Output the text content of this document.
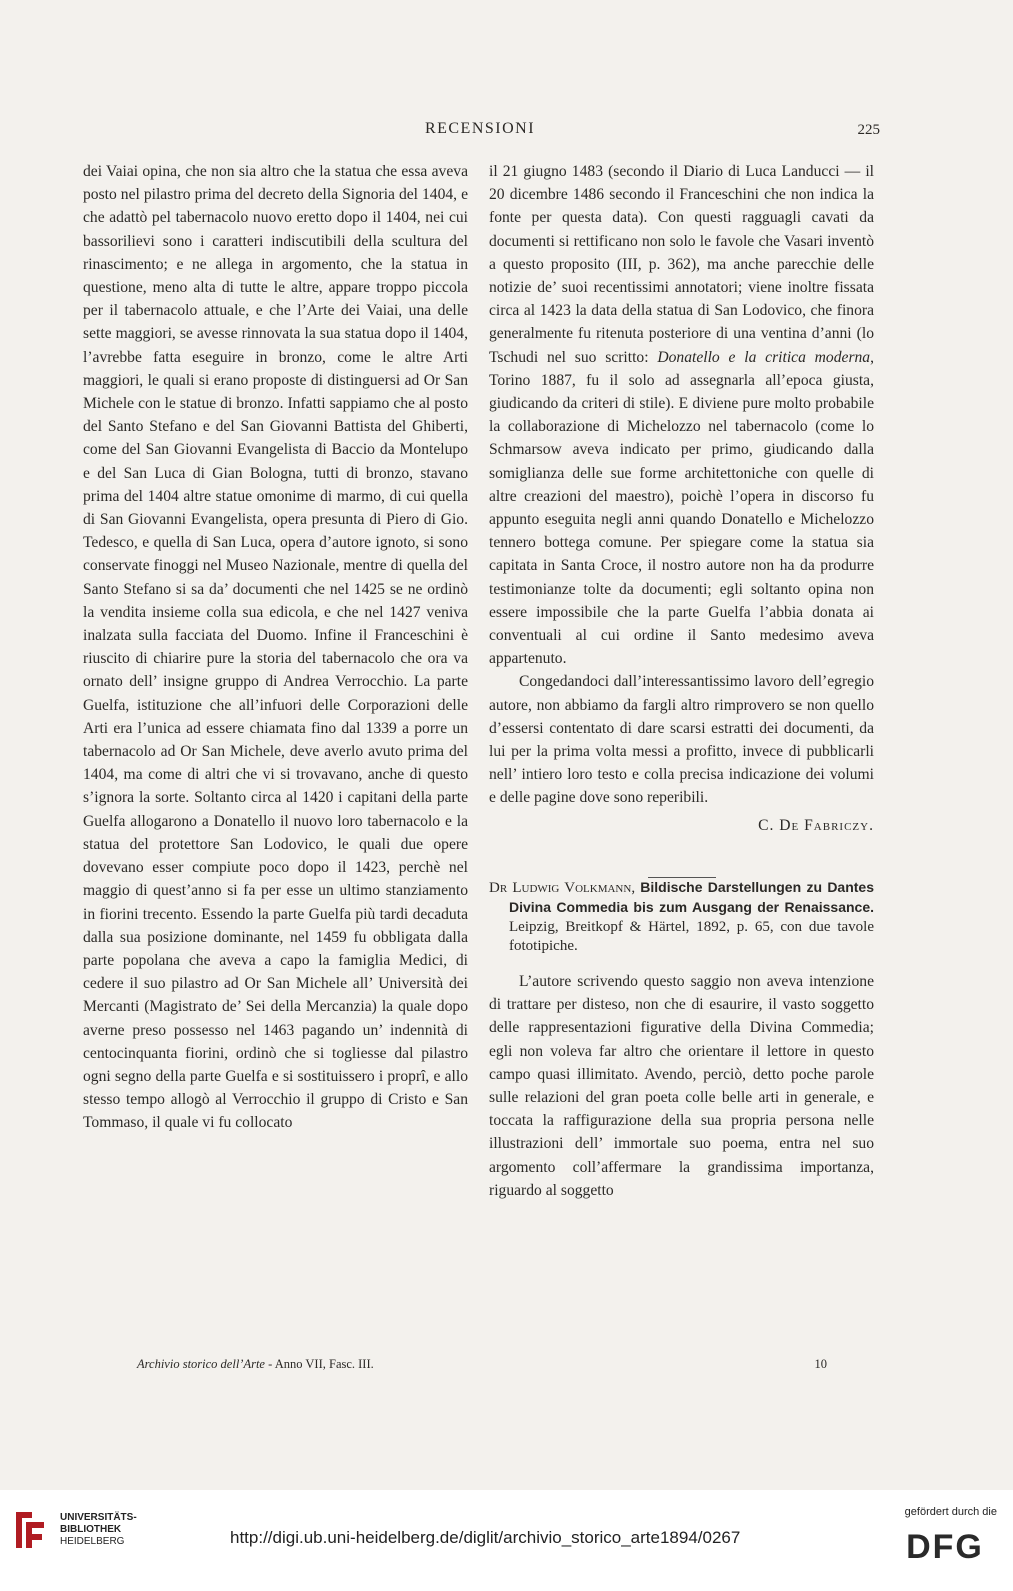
RECENSIONI	225

dei Vaiai opina, che non sia altro che la statua che essa aveva posto nel pilastro prima del decreto della Signoria del 1404, e che adattò pel tabernacolo nuovo eretto dopo il 1404, nei cui bassorilievi sono i caratteri indiscutibili della scultura del rinascimento; e ne allega in argomento, che la statua in questione, meno alta di tutte le altre, appare troppo piccola per il tabernacolo attuale, e che l’Arte dei Vaiai, una delle sette maggiori, se avesse rinnovata la sua statua dopo il 1404, l’avrebbe fatta eseguire in bronzo, come le altre Arti maggiori, le quali si erano proposte di distinguersi ad Or San Michele con le statue di bronzo. Infatti sappiamo che al posto del Santo Stefano e del San Giovanni Battista del Ghiberti, come del San Giovanni Evangelista di Baccio da Montelupo e del San Luca di Gian Bologna, tutti di bronzo, stavano prima del 1404 altre statue omonime di marmo, di cui quella di San Giovanni Evangelista, opera presunta di Piero di Gio. Tedesco, e quella di San Luca, opera d’autore ignoto, si sono conservate finoggi nel Museo Nazionale, mentre di quella del Santo Stefano si sa da’ documenti che nel 1425 se ne ordinò la vendita insieme colla sua edicola, e che nel 1427 veniva inalzata sulla facciata del Duomo. Infine il Franceschini è riuscito di chiarire pure la storia del tabernacolo che ora va ornato dell’ insigne gruppo di Andrea Verrocchio. La parte Guelfa, istituzione che all’infuori delle Corporazioni delle Arti era l’unica ad essere chiamata fino dal 1339 a porre un tabernacolo ad Or San Michele, deve averlo avuto prima del 1404, ma come di altri che vi si trovavano, anche di questo s’ignora la sorte. Soltanto circa al 1420 i capitani della parte Guelfa allogarono a Donatello il nuovo loro tabernacolo e la statua del protettore San Lodovico, le quali due opere dovevano esser compiute poco dopo il 1423, perchè nel maggio di quest’anno si fa per esse un ultimo stanziamento in fiorini trecento. Essendo la parte Guelfa più tardi decaduta dalla sua posizione dominante, nel 1459 fu obbligata dalla parte popolana che aveva a capo la famiglia Medici, di cedere il suo pilastro ad Or San Michele all’ Università dei Mercanti (Magistrato de’ Sei della Mercanzia) la quale dopo averne preso possesso nel 1463 pagando un’ indennità di centocinquanta fiorini, ordinò che si togliesse dal pilastro ogni segno della parte Guelfa e si sostituissero i proprî, e allo stesso tempo allogò al Verrocchio il gruppo di Cristo e San Tommaso, il quale vi fu collocato

il 21 giugno 1483 (secondo il Diario di Luca Landucci — il 20 dicembre 1486 secondo il Franceschini che non indica la fonte per questa data). Con questi ragguagli cavati da documenti si rettificano non solo le favole che Vasari inventò a questo proposito (III, p. 362), ma anche parecchie delle notizie de’ suoi recentissimi annotatori; viene inoltre fissata circa al 1423 la data della statua di San Lodovico, che finora generalmente fu ritenuta posteriore di una ventina d’anni (lo Tschudi nel suo scritto: Donatello e la critica moderna, Torino 1887, fu il solo ad assegnarla all’epoca giusta, giudicando da criteri di stile). E diviene pure molto probabile la collaborazione di Michelozzo nel tabernacolo (come lo Schmarsow aveva indicato per primo, giudicando dalla somiglianza delle sue forme architettoniche con quelle di altre creazioni del maestro), poichè l’opera in discorso fu appunto eseguita negli anni quando Donatello e Michelozzo tennero bottega comune. Per spiegare come la statua sia capitata in Santa Croce, il nostro autore non ha da produrre testimonianze tolte da documenti; egli soltanto opina non essere impossibile che la parte Guelfa l’abbia donata ai conventuali al cui ordine il Santo medesimo aveva appartenuto.

Congedandoci dall’interessantissimo lavoro dell’egregio autore, non abbiamo da fargli altro rimprovero se non quello d’essersi contentato di dare scarsi estratti dei documenti, da lui per la prima volta messi a profitto, invece di pubblicarli nell’ intiero loro testo e colla precisa indicazione dei volumi e delle pagine dove sono reperibili.

C. De Fabriczy.

Dr Ludwig Volkmann, Bildische Darstellungen zu Dantes Divina Commedia bis zum Ausgang der Renaissance. Leipzig, Breitkopf & Härtel, 1892, p. 65, con due tavole fototipiche.

L’autore scrivendo questo saggio non aveva intenzione di trattare per disteso, non che di esaurire, il vasto soggetto delle rappresentazioni figurative della Divina Commedia; egli non voleva far altro che orientare il lettore in questo campo quasi illimitato. Avendo, perciò, detto poche parole sulle relazioni del gran poeta colle belle arti in generale, e toccata la raffigurazione della sua propria persona nelle illustrazioni dell’ immortale suo poema, entra nel suo argomento coll’affermare la grandissima importanza, riguardo al soggetto

Archivio storico dell’Arte - Anno VII, Fasc. III.	10
UNIVERSITÄTS-
BIBLIOTHEK
HEIDELBERG	http://digi.ub.uni-heidelberg.de/diglit/archivio_storico_arte1894/0267
gefördert durch die
DFG
